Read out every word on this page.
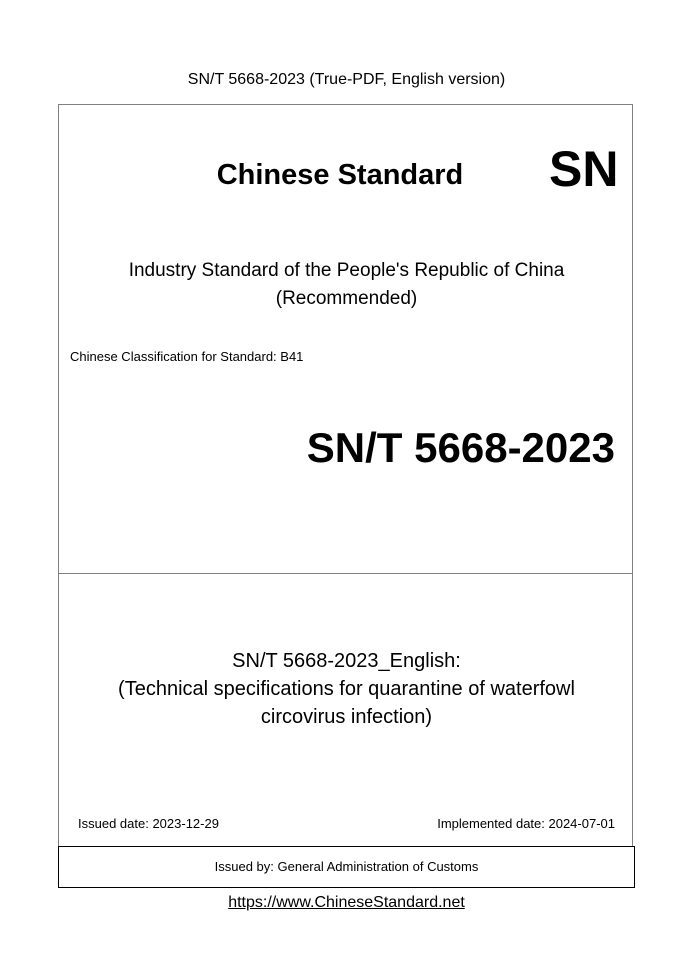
SN/T 5668-2023 (True-PDF, English version)
Chinese Standard	SN
Industry Standard of the People's Republic of China
(Recommended)
Chinese Classification for Standard: B41
SN/T 5668-2023
SN/T 5668-2023_English:
(Technical specifications for quarantine of waterfowl
circovirus infection)
Issued date: 2023-12-29	Implemented date: 2024-07-01
Issued by: General Administration of Customs
https://www.ChineseStandard.net
